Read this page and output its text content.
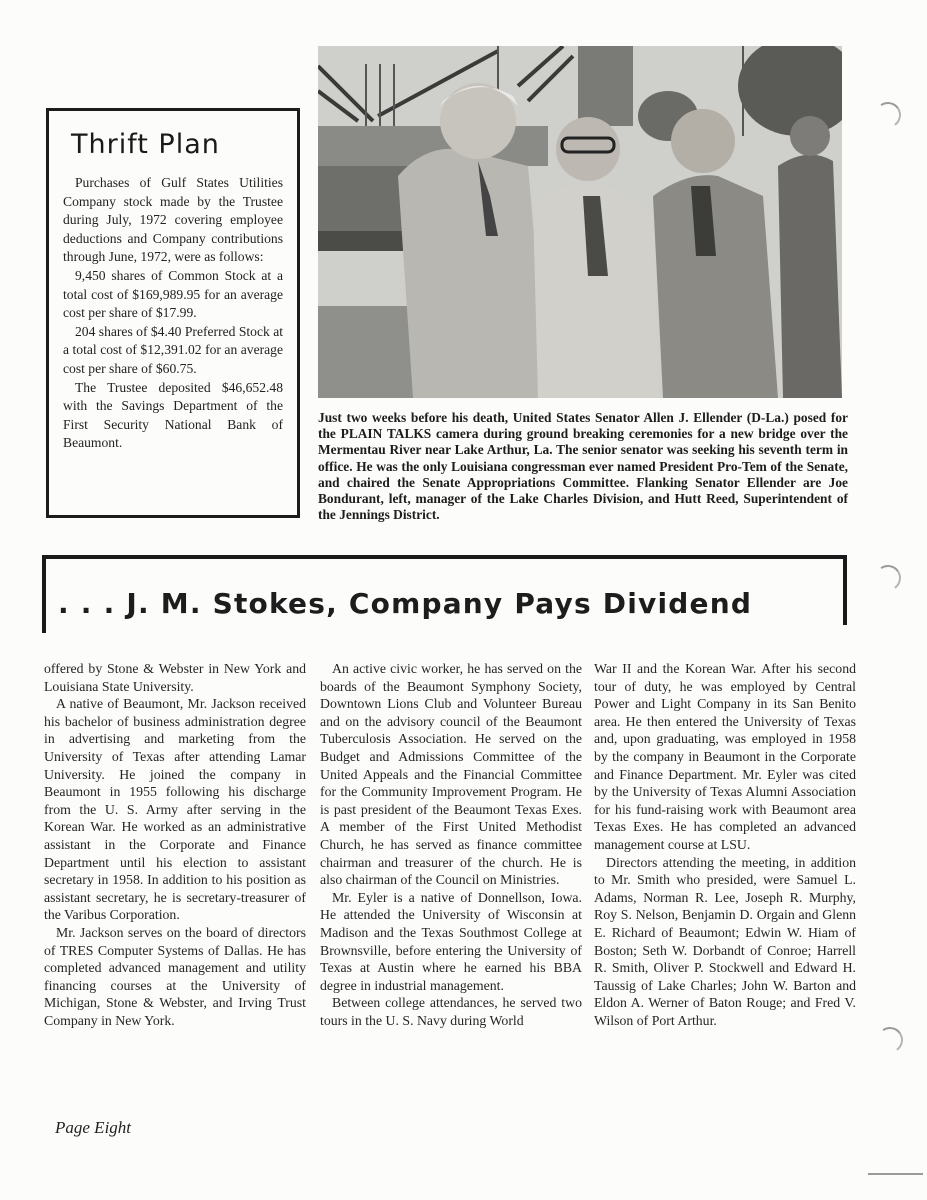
Thrift Plan

Purchases of Gulf States Utilities Company stock made by the Trustee during July, 1972 covering employee deductions and Company contributions through June, 1972, were as follows:

9,450 shares of Common Stock at a total cost of $169,989.95 for an average cost per share of $17.99.

204 shares of $4.40 Preferred Stock at a total cost of $12,391.02 for an average cost per share of $60.75.

The Trustee deposited $46,652.48 with the Savings Department of the First Security National Bank of Beaumont.

Just two weeks before his death, United States Senator Allen J. Ellender (D-La.) posed for the PLAIN TALKS camera during ground breaking ceremonies for a new bridge over the Mermentau River near Lake Arthur, La. The senior senator was seeking his seventh term in office. He was the only Louisiana congressman ever named President Pro-Tem of the Senate, and chaired the Senate Appropriations Committee. Flanking Senator Ellender are Joe Bondurant, left, manager of the Lake Charles Division, and Hutt Reed, Superintendent of the Jennings District.
. . . J. M. Stokes, Company Pays Dividend

offered by Stone & Webster in New York and Louisiana State University.

A native of Beaumont, Mr. Jackson received his bachelor of business administration degree in advertising and marketing from the University of Texas after attending Lamar University. He joined the company in Beaumont in 1955 following his discharge from the U. S. Army after serving in the Korean War. He worked as an administrative assistant in the Corporate and Finance Department until his election to assistant secretary in 1958. In addition to his position as assistant secretary, he is secretary-treasurer of the Varibus Corporation.

Mr. Jackson serves on the board of directors of TRES Computer Systems of Dallas. He has completed advanced management and utility financing courses at the University of Michigan, Stone & Webster, and Irving Trust Company in New York.

An active civic worker, he has served on the boards of the Beaumont Symphony Society, Downtown Lions Club and Volunteer Bureau and on the advisory council of the Beaumont Tuberculosis Association. He served on the Budget and Admissions Committee of the United Appeals and the Financial Committee for the Community Improvement Program. He is past president of the Beaumont Texas Exes. A member of the First United Methodist Church, he has served as finance committee chairman and treasurer of the church. He is also chairman of the Council on Ministries.

Mr. Eyler is a native of Donnellson, Iowa. He attended the University of Wisconsin at Madison and the Texas Southmost College at Brownsville, before entering the University of Texas at Austin where he earned his BBA degree in industrial management.

Between college attendances, he served two tours in the U. S. Navy during World

War II and the Korean War. After his second tour of duty, he was employed by Central Power and Light Company in its San Benito area. He then entered the University of Texas and, upon graduating, was employed in 1958 by the company in Beaumont in the Corporate and Finance Department. Mr. Eyler was cited by the University of Texas Alumni Association for his fund-raising work with Beaumont area Texas Exes. He has completed an advanced management course at LSU.

Directors attending the meeting, in addition to Mr. Smith who presided, were Samuel L. Adams, Norman R. Lee, Joseph R. Murphy, Roy S. Nelson, Benjamin D. Orgain and Glenn E. Richard of Beaumont; Edwin W. Hiam of Boston; Seth W. Dorbandt of Conroe; Harrell R. Smith, Oliver P. Stockwell and Edward H. Taussig of Lake Charles; John W. Barton and Eldon A. Werner of Baton Rouge; and Fred V. Wilson of Port Arthur.

Page Eight
